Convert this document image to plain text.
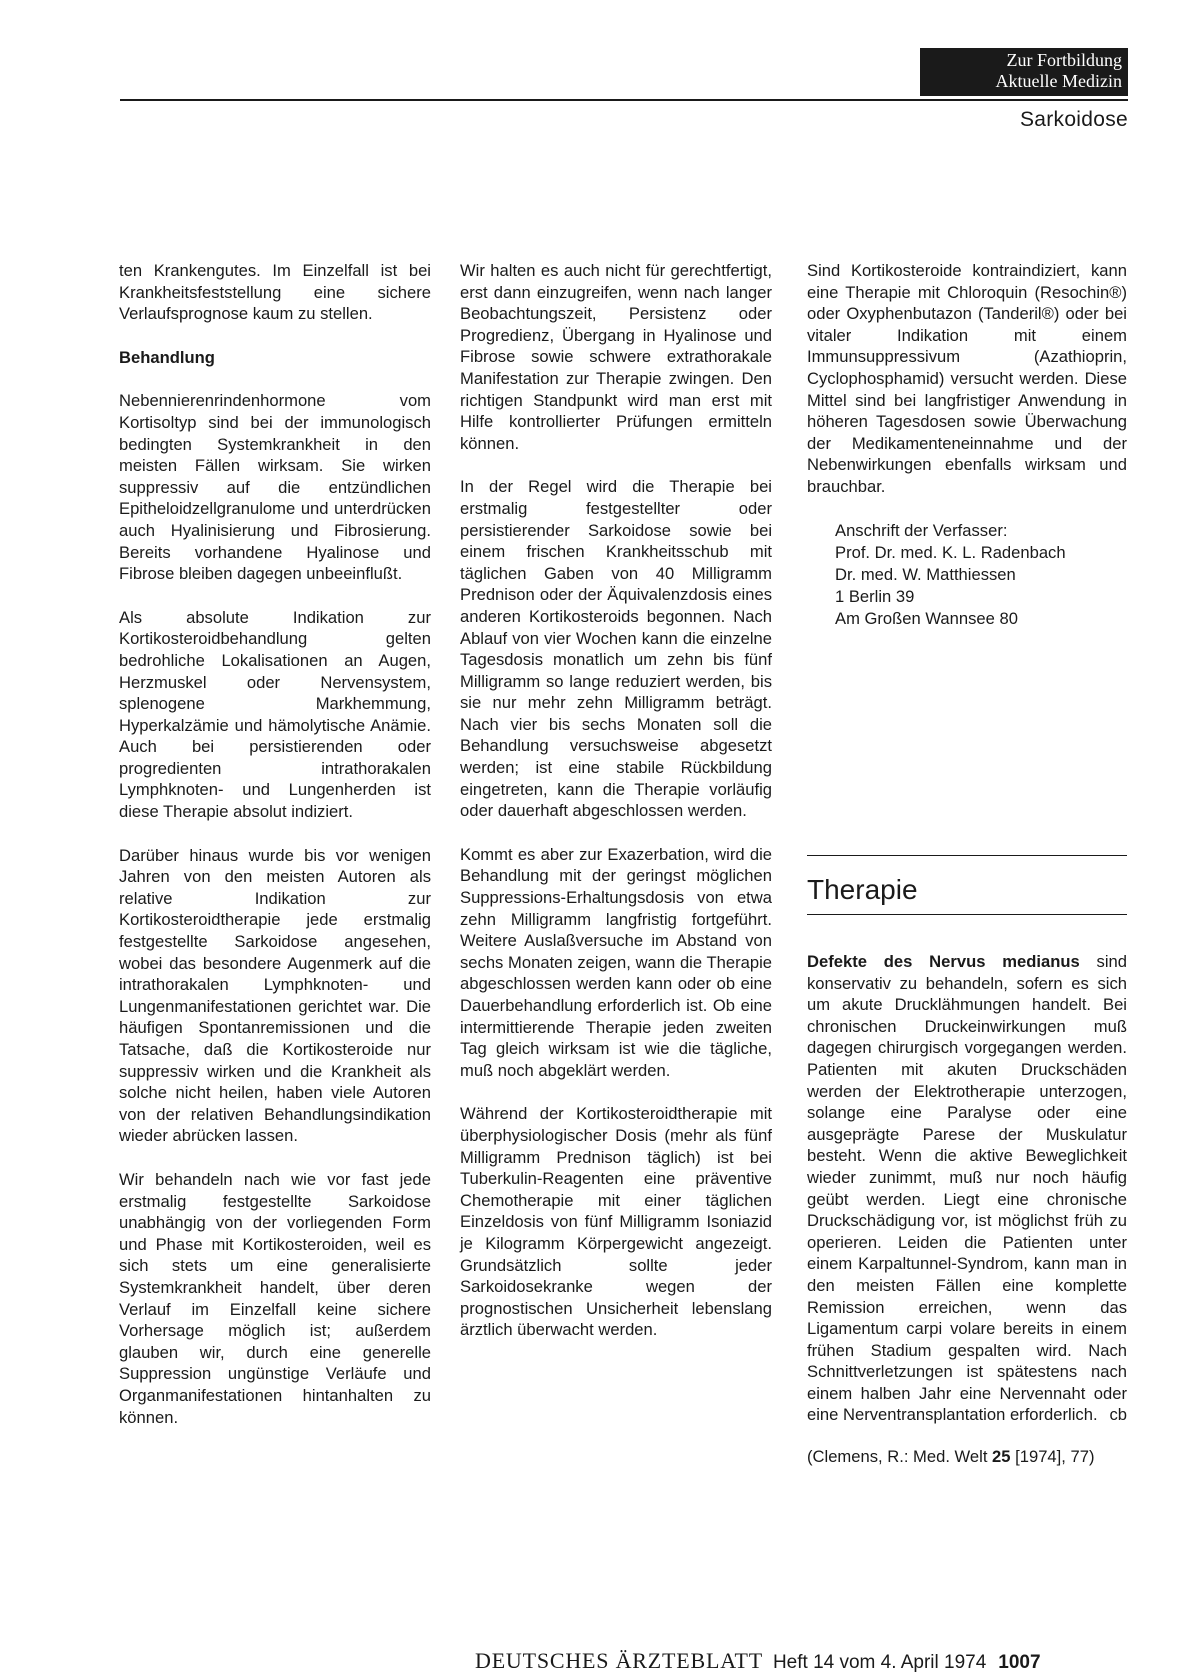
Zur Fortbildung
Aktuelle Medizin
Sarkoidose

ten Krankengutes. Im Einzelfall ist bei Krankheitsfeststellung eine sichere Verlaufsprognose kaum zu stellen.

Behandlung

Nebennierenrindenhormone vom Kortisoltyp sind bei der immunologisch bedingten Systemkrankheit in den meisten Fällen wirksam. Sie wirken suppressiv auf die entzündlichen Epitheloidzellgranulome und unterdrücken auch Hyalinisierung und Fibrosierung. Bereits vorhandene Hyalinose und Fibrose bleiben dagegen unbeeinflußt.

Als absolute Indikation zur Kortikosteroidbehandlung gelten bedrohliche Lokalisationen an Augen, Herzmuskel oder Nervensystem, splenogene Markhemmung, Hyperkalzämie und hämolytische Anämie. Auch bei persistierenden oder progredienten intrathorakalen Lymphknoten- und Lungenherden ist diese Therapie absolut indiziert.

Darüber hinaus wurde bis vor wenigen Jahren von den meisten Autoren als relative Indikation zur Kortikosteroidtherapie jede erstmalig festgestellte Sarkoidose angesehen, wobei das besondere Augenmerk auf die intrathorakalen Lymphknoten- und Lungenmanifestationen gerichtet war. Die häufigen Spontanremissionen und die Tatsache, daß die Kortikosteroide nur suppressiv wirken und die Krankheit als solche nicht heilen, haben viele Autoren von der relativen Behandlungsindikation wieder abrücken lassen.

Wir behandeln nach wie vor fast jede erstmalig festgestellte Sarkoidose unabhängig von der vorliegenden Form und Phase mit Kortikosteroiden, weil es sich stets um eine generalisierte Systemkrankheit handelt, über deren Verlauf im Einzelfall keine sichere Vorhersage möglich ist; außerdem glauben wir, durch eine generelle Suppression ungünstige Verläufe und Organmanifestationen hintanhalten zu können.

Wir halten es auch nicht für gerechtfertigt, erst dann einzugreifen, wenn nach langer Beobachtungszeit, Persistenz oder Progredienz, Übergang in Hyalinose und Fibrose sowie schwere extrathorakale Manifestation zur Therapie zwingen. Den richtigen Standpunkt wird man erst mit Hilfe kontrollierter Prüfungen ermitteln können.

In der Regel wird die Therapie bei erstmalig festgestellter oder persistierender Sarkoidose sowie bei einem frischen Krankheitsschub mit täglichen Gaben von 40 Milligramm Prednison oder der Äquivalenzdosis eines anderen Kortikosteroids begonnen. Nach Ablauf von vier Wochen kann die einzelne Tagesdosis monatlich um zehn bis fünf Milligramm so lange reduziert werden, bis sie nur mehr zehn Milligramm beträgt. Nach vier bis sechs Monaten soll die Behandlung versuchsweise abgesetzt werden; ist eine stabile Rückbildung eingetreten, kann die Therapie vorläufig oder dauerhaft abgeschlossen werden.

Kommt es aber zur Exazerbation, wird die Behandlung mit der geringst möglichen Suppressions-Erhaltungsdosis von etwa zehn Milligramm langfristig fortgeführt. Weitere Auslaßversuche im Abstand von sechs Monaten zeigen, wann die Therapie abgeschlossen werden kann oder ob eine Dauerbehandlung erforderlich ist. Ob eine intermittierende Therapie jeden zweiten Tag gleich wirksam ist wie die tägliche, muß noch abgeklärt werden.

Während der Kortikosteroidtherapie mit überphysiologischer Dosis (mehr als fünf Milligramm Prednison täglich) ist bei Tuberkulin-Reagenten eine präventive Chemotherapie mit einer täglichen Einzeldosis von fünf Milligramm Isoniazid je Kilogramm Körpergewicht angezeigt. Grundsätzlich sollte jeder Sarkoidosekranke wegen der prognostischen Unsicherheit lebenslang ärztlich überwacht werden.

Sind Kortikosteroide kontraindiziert, kann eine Therapie mit Chloroquin (Resochin®) oder Oxyphenbutazon (Tanderil®) oder bei vitaler Indikation mit einem Immunsuppressivum (Azathioprin, Cyclophosphamid) versucht werden. Diese Mittel sind bei langfristiger Anwendung in höheren Tagesdosen sowie Überwachung der Medikamenteneinnahme und der Nebenwirkungen ebenfalls wirksam und brauchbar.

Anschrift der Verfasser:
Prof. Dr. med. K. L. Radenbach
Dr. med. W. Matthiessen
1 Berlin 39
Am Großen Wannsee 80
Therapie

Defekte des Nervus medianus sind konservativ zu behandeln, sofern es sich um akute Drucklähmungen handelt. Bei chronischen Druckeinwirkungen muß dagegen chirurgisch vorgegangen werden. Patienten mit akuten Druckschäden werden der Elektrotherapie unterzogen, solange eine Paralyse oder eine ausgeprägte Parese der Muskulatur besteht. Wenn die aktive Beweglichkeit wieder zunimmt, muß nur noch häufig geübt werden. Liegt eine chronische Druckschädigung vor, ist möglichst früh zu operieren. Leiden die Patienten unter einem Karpaltunnel-Syndrom, kann man in den meisten Fällen eine komplette Remission erreichen, wenn das Ligamentum carpi volare bereits in einem frühen Stadium gespalten wird. Nach Schnittverletzungen ist spätestens nach einem halben Jahr eine Nervennaht oder eine Nerventransplantation erforderlich. cb

(Clemens, R.: Med. Welt 25 [1974], 77)

DEUTSCHES ÄRZTEBLATT Heft 14 vom 4. April 1974 1007
